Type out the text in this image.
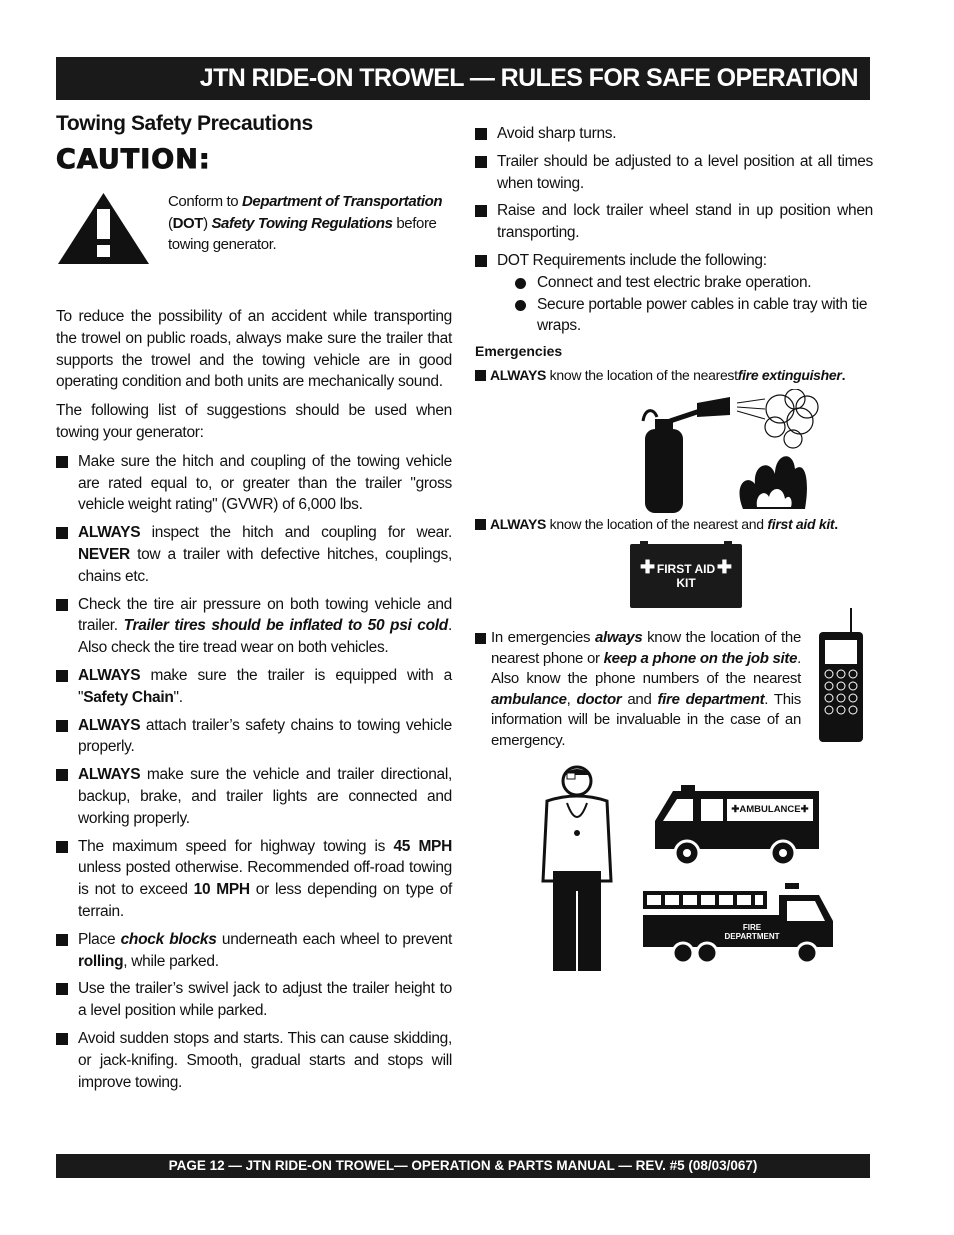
JTN RIDE-ON TROWEL — RULES FOR SAFE OPERATION
Towing Safety Precautions
CAUTION:
Conform to Department of Transportation (DOT) Safety Towing Regulations before towing generator.

To reduce the possibility of an accident while transporting the trowel on public roads, always make sure the trailer that supports the trowel and the towing vehicle are in good operating condition and both units are mechanically sound.

The following list of suggestions should be used when towing your generator:

Make sure the hitch and coupling of the towing vehicle are rated equal to, or greater than the trailer "gross vehicle weight rating" (GVWR) of 6,000 lbs.
ALWAYS inspect the hitch and coupling for wear. NEVER tow a trailer with defective hitches, couplings, chains etc.
Check the tire air pressure on both towing vehicle and trailer. Trailer tires should be inflated to 50 psi cold. Also check the tire tread wear on both vehicles.
ALWAYS make sure the trailer is equipped with a "Safety Chain".
ALWAYS attach trailer’s safety chains to towing vehicle properly.
ALWAYS make sure the vehicle and trailer directional, backup, brake, and trailer lights are connected and working properly.
The maximum speed for highway towing is 45 MPH unless posted otherwise. Recommended off-road towing is not to exceed 10 MPH or less depending on type of terrain.
Place chock blocks underneath each wheel to prevent rolling, while parked.
Use the trailer’s swivel jack to adjust the trailer height to a level position while parked.
Avoid sudden stops and starts. This can cause skidding, or jack-knifing. Smooth, gradual starts and stops will improve towing.
Avoid sharp turns.
Trailer should be adjusted to a level position at all times when towing.
Raise and lock trailer wheel stand in up position when transporting.
DOT Requirements include the following:
Connect and test electric brake operation.
Secure portable power cables in cable tray with tie wraps.
Emergencies
ALWAYS
know the location of the nearest fire extinguisher .
ALWAYS
know the location of the nearest and
first aid kit .
✚	✚
FIRST AID
KIT
In emergencies always know the location of the nearest phone or keep a phone on the job site. Also know the phone numbers of the nearest ambulance, doctor and fire department. This information will be invaluable in the case of an emergency.
✚AMBULANCE✚
FIRE
DEPARTMENT
PAGE 12 — JTN RIDE-ON TROWEL— OPERATION & PARTS MANUAL — REV. #5 (08/03/067)
